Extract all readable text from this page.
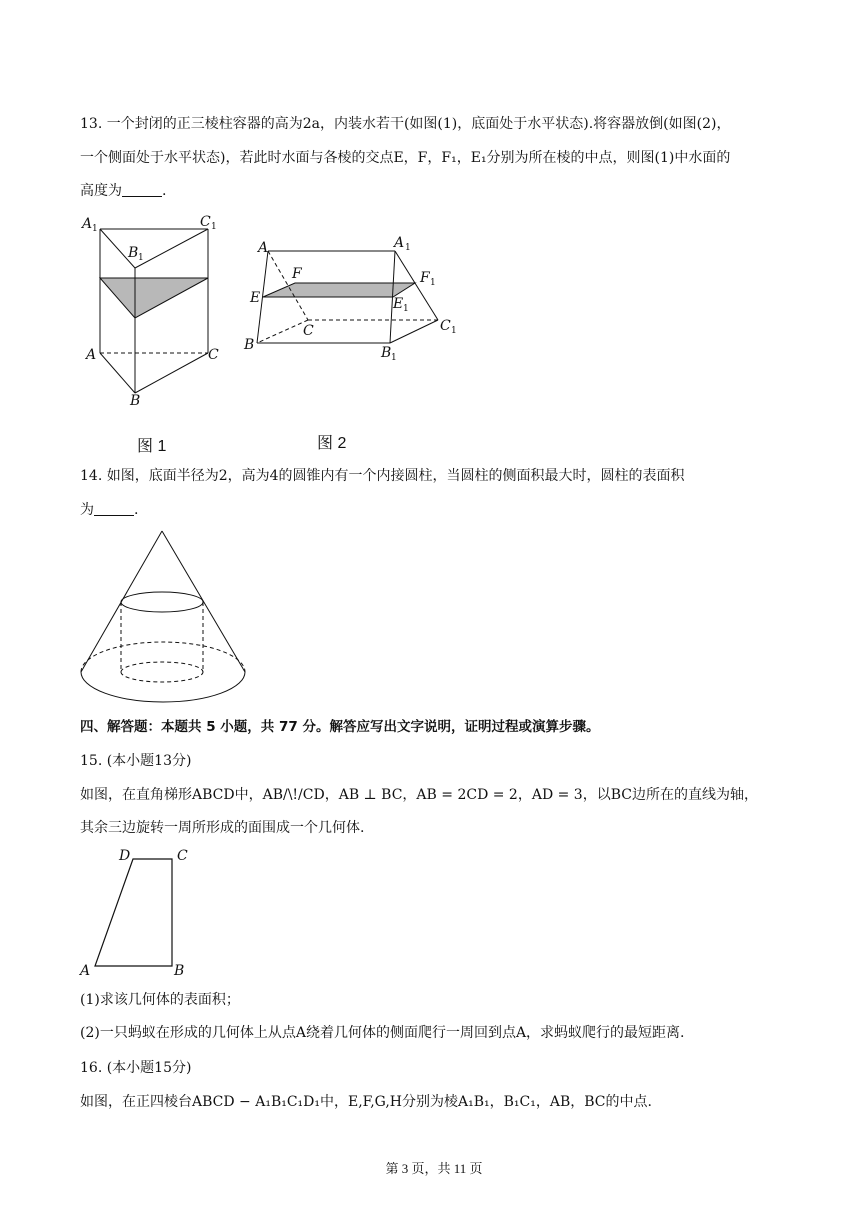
13. 一个封闭的正三棱柱容器的高为2a，内装水若干(如图(1)，底面处于水平状态).将容器放倒(如图(2)，
一个侧面处于水平状态)，若此时水面与各棱的交点E，F，F₁，E₁分别为所在棱的中点，则图(1)中水面的
高度为	.
A 1
B 1
C 1
A	C
B
图 1
A	A 1
F	F 1
E	E 1
C	C 1
B	B 1
图 2
14. 如图，底面半径为2，高为4的圆锥内有一个内接圆柱，当圆柱的侧面积最大时，圆柱的表面积
为	.
四、解答题：本题共 5 小题，共 77 分。解答应写出文字说明，证明过程或演算步骤。
15. (本小题13分)
如图，在直角梯形ABCD中，AB/\!/CD，AB ⊥ BC，AB = 2CD = 2，AD = 3，以BC边所在的直线为轴，
其余三边旋转一周所形成的面围成一个几何体.
D	C
A	B
(1)求该几何体的表面积；
(2)一只蚂蚁在形成的几何体上从点A绕着几何体的侧面爬行一周回到点A，求蚂蚁爬行的最短距离.
16. (本小题15分)
如图，在正四棱台ABCD − A₁B₁C₁D₁中，E,F,G,H分别为棱A₁B₁，B₁C₁，AB，BC的中点.
第 3 页，共 11 页
